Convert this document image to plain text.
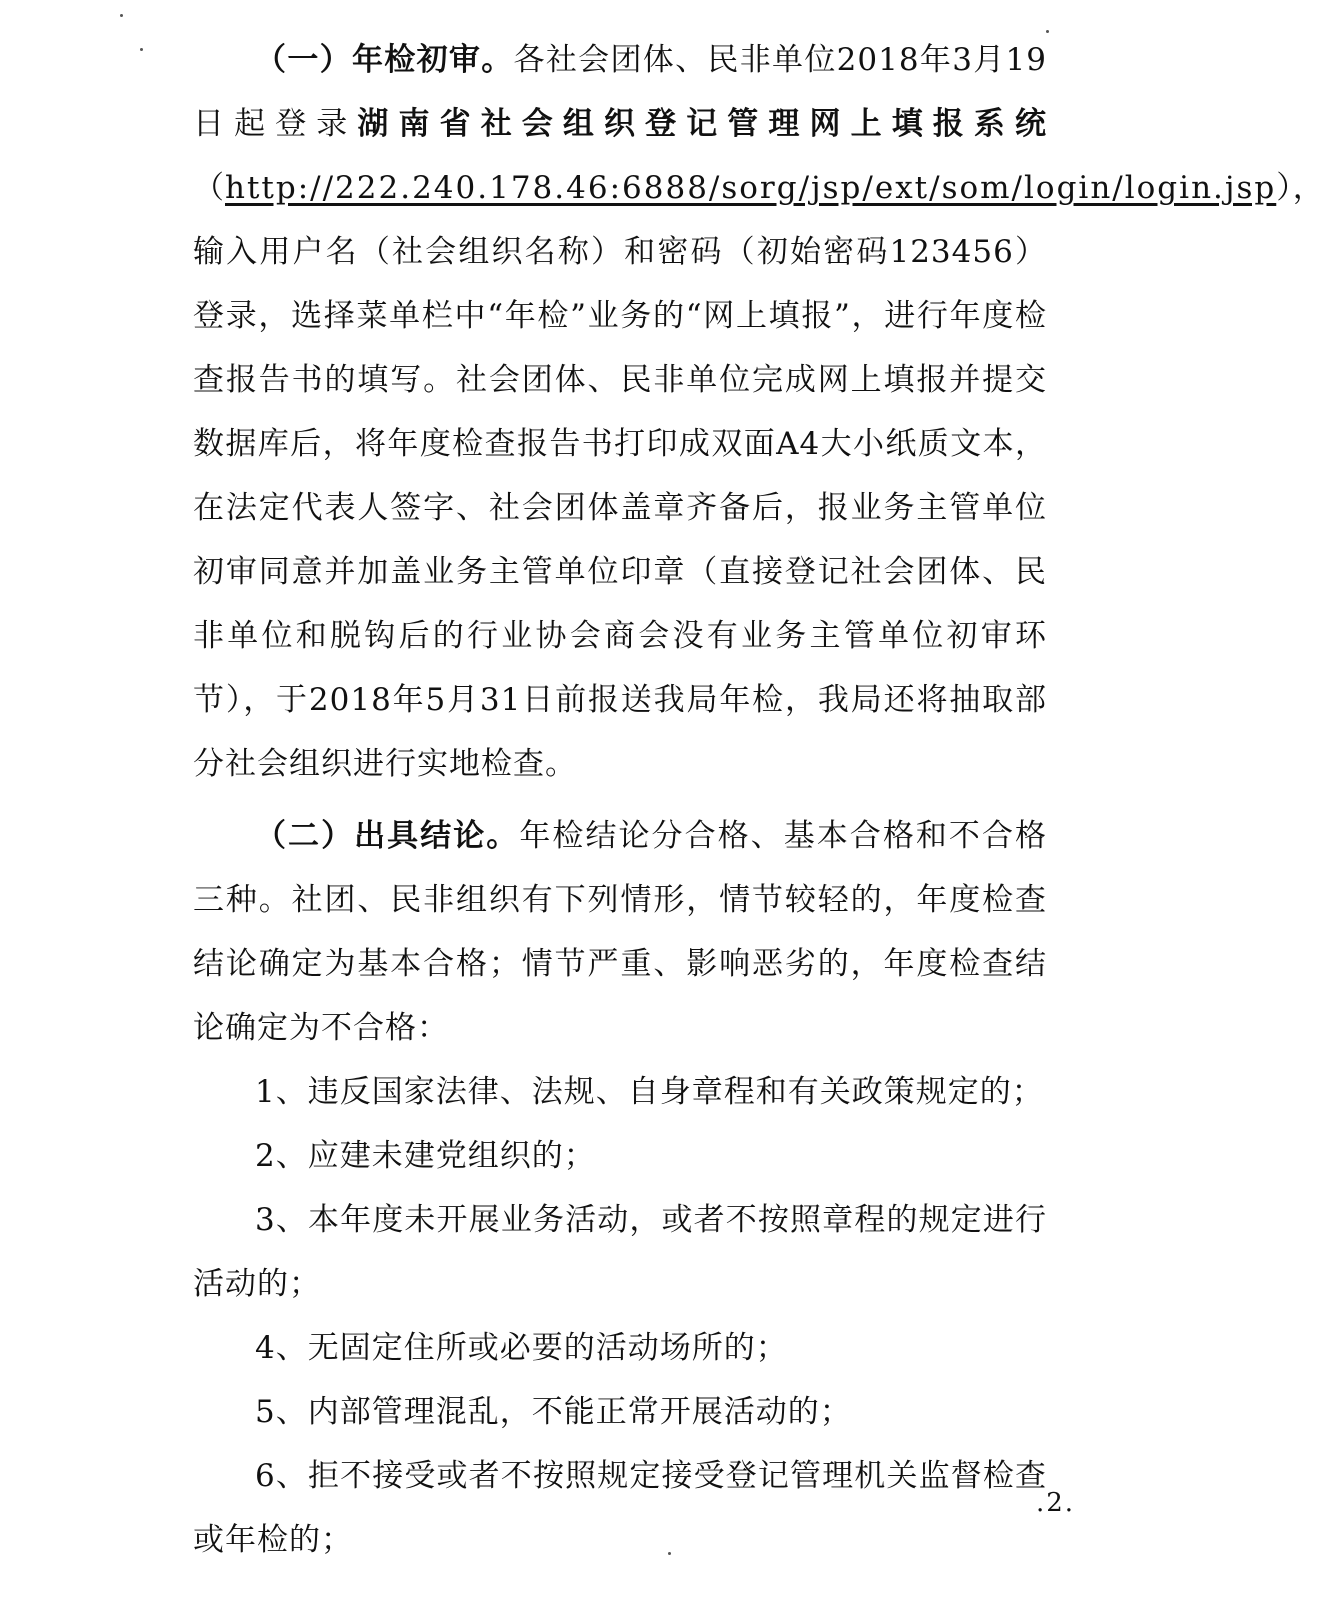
（一）年检初审。各社会团体、民非单位2018年3月19日起登录湖南省社会组织登记管理网上填报系统（http://222.240.178.46:6888/sorg/jsp/ext/som/login/login.jsp），输入用户名（社会组织名称）和密码（初始密码123456）登录，选择菜单栏中“年检”业务的“网上填报”，进行年度检查报告书的填写。社会团体、民非单位完成网上填报并提交数据库后，将年度检查报告书打印成双面A4大小纸质文本，在法定代表人签字、社会团体盖章齐备后，报业务主管单位初审同意并加盖业务主管单位印章（直接登记社会团体、民非单位和脱钩后的行业协会商会没有业务主管单位初审环节），于2018年5月31日前报送我局年检，我局还将抽取部分社会组织进行实地检查。

（二）出具结论。年检结论分合格、基本合格和不合格三种。社团、民非组织有下列情形，情节较轻的，年度检查结论确定为基本合格；情节严重、影响恶劣的，年度检查结论确定为不合格：

1、违反国家法律、法规、自身章程和有关政策规定的；

2、应建未建党组织的；

3、本年度未开展业务活动，或者不按照章程的规定进行活动的；

4、无固定住所或必要的活动场所的；

5、内部管理混乱，不能正常开展活动的；

6、拒不接受或者不按照规定接受登记管理机关监督检查或年检的；

.2.
